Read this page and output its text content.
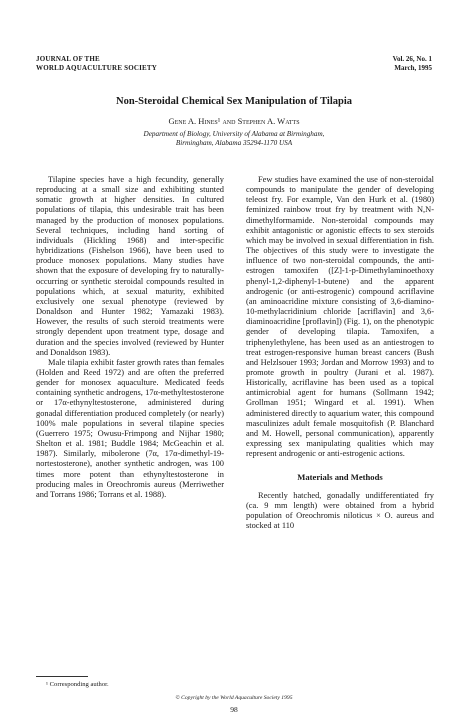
JOURNAL OF THE
WORLD AQUACULTURE SOCIETY
Vol. 26, No. 1
March, 1995
Non-Steroidal Chemical Sex Manipulation of Tilapia
Gene A. Hines¹ and Stephen A. Watts
Department of Biology, University of Alabama at Birmingham,
Birmingham, Alabama 35294-1170 USA

Tilapine species have a high fecundity, generally reproducing at a small size and exhibiting stunted somatic growth at higher densities. In cultured populations of tilapia, this undesirable trait has been managed by the production of monosex populations. Several techniques, including hand sorting of individuals (Hickling 1968) and inter-specific hybridizations (Fishelson 1966), have been used to produce monosex populations. Many studies have shown that the exposure of developing fry to naturally-occurring or synthetic steroidal compounds resulted in populations which, at sexual maturity, exhibited exclusively one sexual phenotype (reviewed by Donaldson and Hunter 1982; Yamazaki 1983). However, the results of such steroid treatments were strongly dependent upon treatment type, dosage and duration and the species involved (reviewed by Hunter and Donaldson 1983).

Male tilapia exhibit faster growth rates than females (Holden and Reed 1972) and are often the preferred gender for monosex aquaculture. Medicated feeds containing synthetic androgens, 17α-methyltestosterone or 17α-ethynyltestosterone, administered during gonadal differentiation produced completely (or nearly) 100% male populations in several tilapine species (Guerrero 1975; Owusu-Frimpong and Nijhar 1980; Shelton et al. 1981; Buddle 1984; McGeachin et al. 1987). Similarly, mibolerone (7α, 17α-dimethyl-19-nortestosterone), another synthetic androgen, was 100 times more potent than ethynyltestosterone in producing males in Oreochromis aureus (Merriwether and Torrans 1986; Torrans et al. 1988).

Few studies have examined the use of non-steroidal compounds to manipulate the gender of developing teleost fry. For example, Van den Hurk et al. (1980) feminized rainbow trout fry by treatment with N,N-dimethylformamide. Non-steroidal compounds may exhibit antagonistic or agonistic effects to sex steroids which may be involved in sexual differentiation in fish. The objectives of this study were to investigate the influence of two non-steroidal compounds, the anti-estrogen tamoxifen ([Z]-1-p-Dimethylaminoethoxy phenyl-1,2-diphenyl-1-butene) and the apparent androgenic (or anti-estrogenic) compound acriflavine (an aminoacridine mixture consisting of 3,6-diamino-10-methylacridinium chloride [acriflavin] and 3,6-diaminoacridine [proflavin]) (Fig. 1), on the phenotypic gender of developing tilapia. Tamoxifen, a triphenylethylene, has been used as an antiestrogen to treat estrogen-responsive human breast cancers (Bush and Helzlsouer 1993; Jordan and Morrow 1993) and to promote growth in poultry (Jurani et al. 1987). Historically, acriflavine has been used as a topical antimicrobial agent for humans (Sollmann 1942; Grollman 1951; Wingard et al. 1991). When administered directly to aquarium water, this compound masculinizes adult female mosquitofish (P. Blanchard and M. Howell, personal communication), apparently expressing sex manipulating qualities which may represent androgenic or anti-estrogenic actions.

Materials and Methods

Recently hatched, gonadally undifferentiated fry (ca. 9 mm length) were obtained from a hybrid population of Oreochromis niloticus × O. aureus and stocked at 110

¹ Corresponding author.
© Copyright by the World Aquaculture Society 1995
98
